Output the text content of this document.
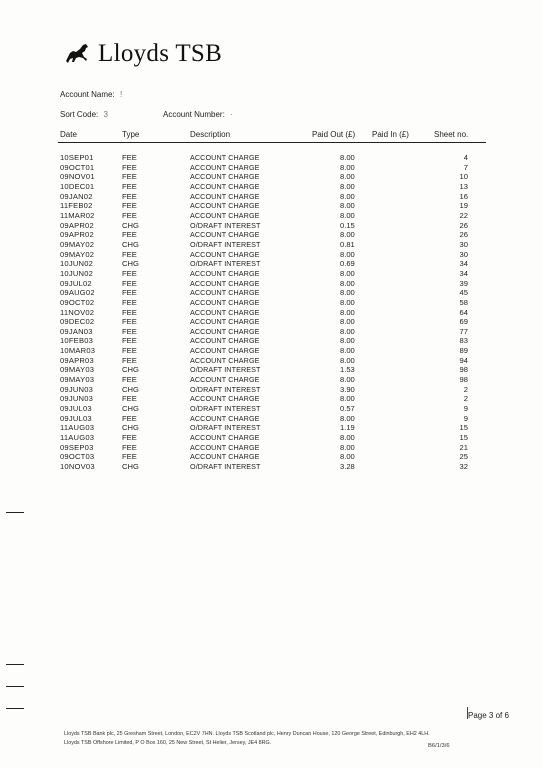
Lloyds TSB
Account Name: !
Sort Code: 3	Account Number: ·
Date	Type	Description	Paid Out (£) Paid In (£)	Sheet no.
10SEP01	FEE	ACCOUNT CHARGE	8.00	4
09OCT01	FEE	ACCOUNT CHARGE	8.00	7
09NOV01	FEE	ACCOUNT CHARGE	8.00	10
10DEC01	FEE	ACCOUNT CHARGE	8.00	13
09JAN02	FEE	ACCOUNT CHARGE	8.00	16
11FEB02	FEE	ACCOUNT CHARGE	8.00	19
11MAR02	FEE	ACCOUNT CHARGE	8.00	22
09APR02	CHG	O/DRAFT INTEREST	0.15	26
09APR02	FEE	ACCOUNT CHARGE	8.00	26
09MAY02	CHG	O/DRAFT INTEREST	0.81	30
09MAY02	FEE	ACCOUNT CHARGE	8.00	30
10JUN02	CHG	O/DRAFT INTEREST	0.69	34
10JUN02	FEE	ACCOUNT CHARGE	8.00	34
09JUL02	FEE	ACCOUNT CHARGE	8.00	39
09AUG02	FEE	ACCOUNT CHARGE	8.00	45
09OCT02	FEE	ACCOUNT CHARGE	8.00	58
11NOV02	FEE	ACCOUNT CHARGE	8.00	64
09DEC02	FEE	ACCOUNT CHARGE	8.00	69
09JAN03	FEE	ACCOUNT CHARGE	8.00	77
10FEB03	FEE	ACCOUNT CHARGE	8.00	83
10MAR03	FEE	ACCOUNT CHARGE	8.00	89
09APR03	FEE	ACCOUNT CHARGE	8.00	94
09MAY03	CHG	O/DRAFT INTEREST	1.53	98
09MAY03	FEE	ACCOUNT CHARGE	8.00	98
09JUN03	CHG	O/DRAFT INTEREST	3.90	2
09JUN03	FEE	ACCOUNT CHARGE	8.00	2
09JUL03	CHG	O/DRAFT INTEREST	0.57	9
09JUL03	FEE	ACCOUNT CHARGE	8.00	9
11AUG03	CHG	O/DRAFT INTEREST	1.19	15
11AUG03	FEE	ACCOUNT CHARGE	8.00	15
09SEP03	FEE	ACCOUNT CHARGE	8.00	21
09OCT03	FEE	ACCOUNT CHARGE	8.00	25
10NOV03	CHG	O/DRAFT INTEREST	3.28	32
Page 3 of 6
Lloyds TSB Bank plc, 25 Gresham Street, London, EC2V 7HN. Lloyds TSB Scotland plc, Henry Duncan House, 120 George Street, Edinburgh, EH2 4LH.
Lloyds TSB Offshore Limited, P O Box 160, 25 New Street, St Helier, Jersey, JE4 8RG.	B6/1/3/6
